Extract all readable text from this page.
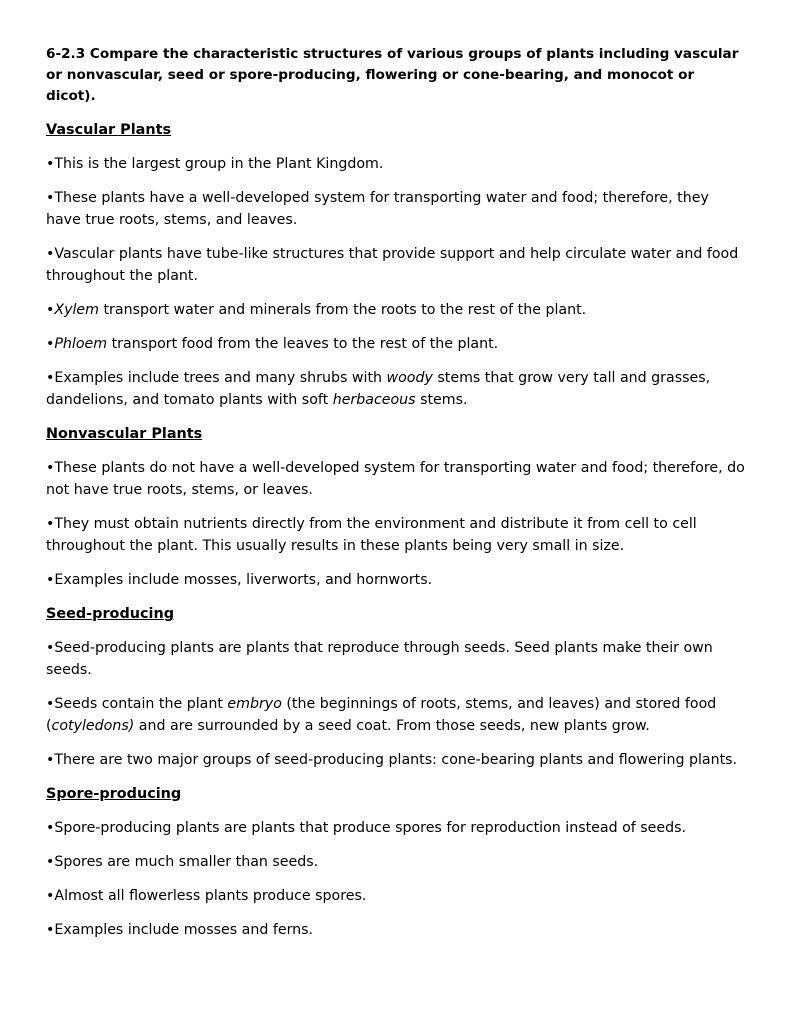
6-2.3 Compare the characteristic structures of various groups of plants including vascular or nonvascular, seed or spore-producing, flowering or cone-bearing, and monocot or dicot).

Vascular Plants

•This is the largest group in the Plant Kingdom.

•These plants have a well-developed system for transporting water and food; therefore, they have true roots, stems, and leaves.

•Vascular plants have tube-like structures that provide support and help circulate water and food throughout the plant.

•Xylem transport water and minerals from the roots to the rest of the plant.

•Phloem transport food from the leaves to the rest of the plant.

•Examples include trees and many shrubs with woody stems that grow very tall and grasses, dandelions, and tomato plants with soft herbaceous stems.

Nonvascular Plants

•These plants do not have a well-developed system for transporting water and food; therefore, do not have true roots, stems, or leaves.

•They must obtain nutrients directly from the environment and distribute it from cell to cell throughout the plant. This usually results in these plants being very small in size.

•Examples include mosses, liverworts, and hornworts.

Seed-producing

•Seed-producing plants are plants that reproduce through seeds. Seed plants make their own seeds.

•Seeds contain the plant embryo (the beginnings of roots, stems, and leaves) and stored food (cotyledons) and are surrounded by a seed coat. From those seeds, new plants grow.

•There are two major groups of seed-producing plants: cone-bearing plants and flowering plants.

Spore-producing

•Spore-producing plants are plants that produce spores for reproduction instead of seeds.

•Spores are much smaller than seeds.

•Almost all flowerless plants produce spores.

•Examples include mosses and ferns.
